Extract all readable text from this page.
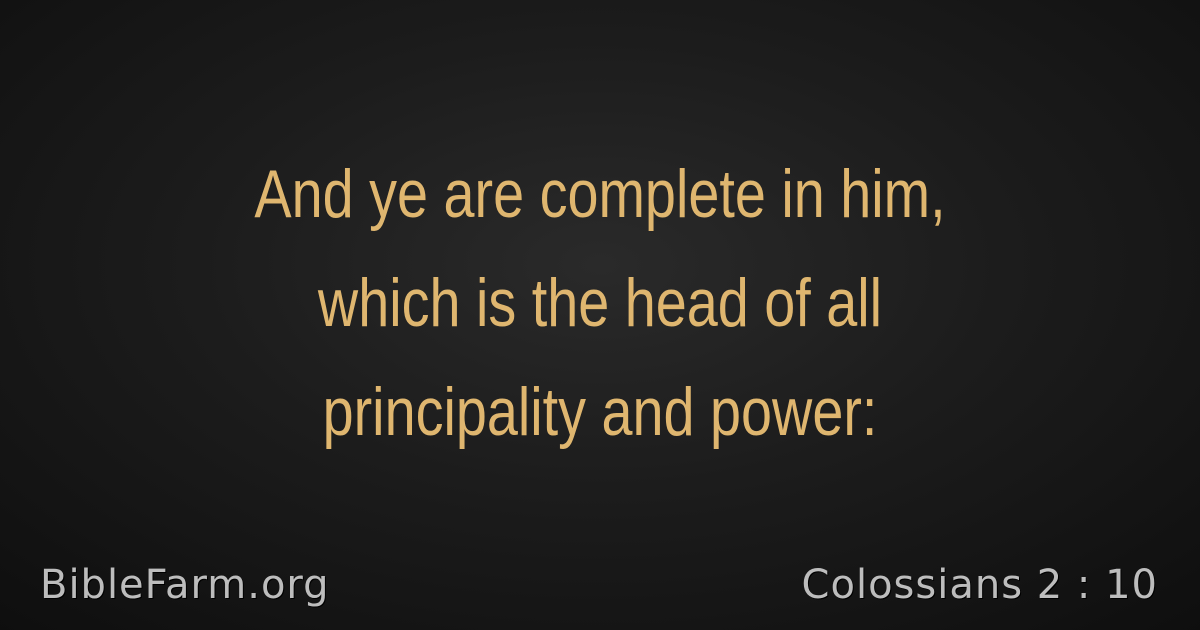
And ye are complete in him,
which is the head of all
principality and power:
BibleFarm.org	Colossians 2 : 10
